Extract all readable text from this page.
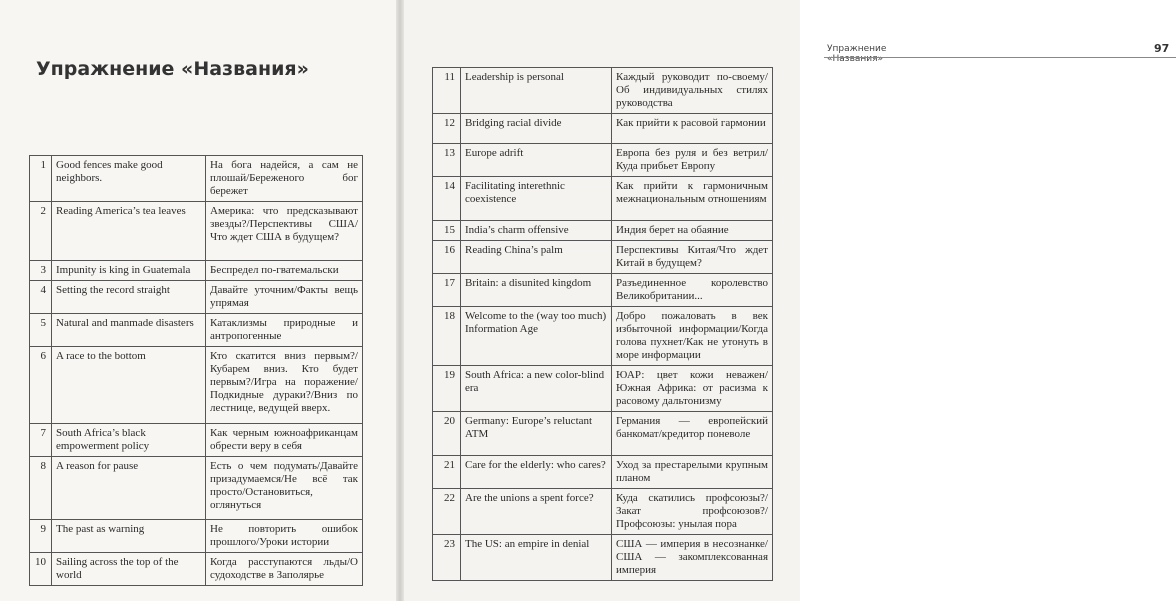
Упражнение «Названия»
Упражнение «Названия»
97
1	Good fences make good neighbors.	На бога надейся, а сам не плошай/Береженого бог бережет
2	Reading America’s tea leaves	Америка: что предсказывают звезды?/Перспективы США/Что ждет США в будущем?
3	Impunity is king in Guatemala	Беспредел по-гватемальски
4	Setting the record straight	Давайте уточним/Факты вещь упрямая
5	Natural and manmade disasters	Катаклизмы природные и антропогенные
6	A race to the bottom	Кто скатится вниз первым?/Кубарем вниз. Кто будет первым?/Игра на поражение/Подкидные дураки?/Вниз по лестнице, ведущей вверх.
7	South Africa’s black empowerment policy	Как черным южноафриканцам обрести веру в себя
8	A reason for pause	Есть о чем подумать/Давайте призадумаемся/Не всё так просто/Остановиться, оглянуться
9	The past as warning	Не повторить ошибок прошлого/Уроки истории
10	Sailing across the top of the world	Когда расступаются льды/О судоходстве в Заполярье
11	Leadership is personal	Каждый руководит по-своему/Об индивидуальных стилях руководства
12	Bridging racial divide	Как прийти к расовой гармонии
13	Europe adrift	Европа без руля и без ветрил/Куда прибьет Европу
14	Facilitating interethnic coexistence	Как прийти к гармоничным межнациональным отношениям
15	India’s charm offensive	Индия берет на обаяние
16	Reading China’s palm	Перспективы Китая/Что ждет Китай в будущем?
17	Britain: a disunited kingdom	Разъединенное королевство Великобритании...
18	Welcome to the (way too much) Information Age	Добро пожаловать в век избыточной информации/Когда голова пухнет/Как не утонуть в море информации
19	South Africa: a new color-blind era	ЮАР: цвет кожи неважен/Южная Африка: от расизма к расовому дальтонизму
20	Germany: Europe’s reluctant ATM	Германия — европейский банкомат/кредитор поневоле
21	Care for the elderly: who cares?	Уход за престарелыми крупным планом
22	Are the unions a spent force?	Куда скатились профсоюзы?/Закат профсоюзов?/Профсоюзы: унылая пора
23	The US: an empire in denial	США — империя в несознанке/США — закомплексованная империя
